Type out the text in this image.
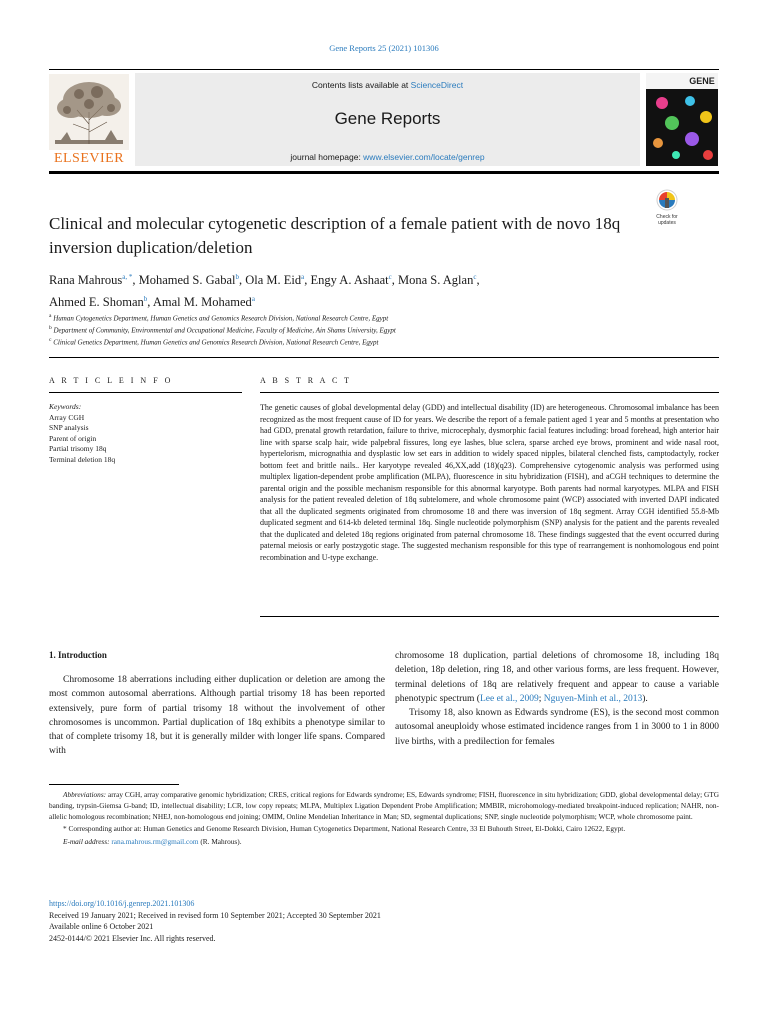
Gene Reports 25 (2021) 101306
ELSEVIER
Contents lists available at ScienceDirect
Gene Reports
journal homepage: www.elsevier.com/locate/genrep
GENE
Clinical and molecular cytogenetic description of a female patient with de novo 18q inversion duplication/deletion
Check for
updates
Rana Mahrous$^{a, *}$, Mohamed S. Gabal$^b$, Ola M. Eid$^a$, Engy A. Ashaat$^c$, Mona S. Aglan$^c$,
Ahmed E. Shoman$^b$, Amal M. Mohamed$^a$
$^a$ Human Cytogenetics Department, Human Genetics and Genomics Research Division, National Research Centre, Egypt
$^b$ Department of Community, Environmental and Occupational Medicine, Faculty of Medicine, Ain Shams University, Egypt
$^c$ Clinical Genetics Department, Human Genetics and Genomics Research Division, National Research Centre, Egypt
A R T I C L E I N F O
Keywords:
Array CGH
SNP analysis
Parent of origin
Partial trisomy 18q
Terminal deletion 18q
A B S T R A C T
The genetic causes of global developmental delay (GDD) and intellectual disability (ID) are heterogeneous. Chromosomal imbalance has been recognized as the most frequent cause of ID for years. We describe the report of a female patient aged 1 year and 5 months at presentation who had GDD, prenatal growth retardation, failure to thrive, microcephaly, dysmorphic facial features including: broad forehead, high anterior hair line with sparse scalp hair, wide palpebral fissures, long eye lashes, blue sclera, sparse arched eye brows, prominent and wide nasal root, hypertelorism, micrognathia and dysplastic low set ears in addition to widely spaced nipples, bilateral clenched fists, camptodactyly, rocker bottom feet and brittle nails.. Her karyotype revealed 46,XX,add (18)(q23). Comprehensive cytogenomic analysis was performed using multiplex ligation-dependent probe amplification (MLPA), fluorescence in situ hybridization (FISH), and aCGH techniques to determine the parental origin and the possible mechanism responsible for this abnormal karyotype. Both parents had normal karyotypes. MLPA and FISH analysis for the patient revealed deletion of 18q subtelomere, and whole chromosome paint (WCP) associated with inverted DAPI indicated that all the duplicated segments originated from chromosome 18 and there was inversion of 18q segment. Array CGH identified 55.8-Mb duplicated segment and 614-kb deleted terminal 18q. Single nucleotide polymorphism (SNP) analysis for the patient and the parents revealed that the duplicated and deleted 18q regions originated from paternal chromosome 18. These findings suggested that the event occurred during paternal meiosis or early postzygotic stage. The suggested mechanism responsible for this type of rearrangement is nonhomologous end point recombination and U-type exchange.
1. Introduction

Chromosome 18 aberrations including either duplication or deletion are among the most common autosomal aberrations. Although partial trisomy 18 has been reported extensively, pure form of partial trisomy 18 without the involvement of other chromosomes is uncommon. Partial duplication of 18q exhibits a phenotype similar to that of complete trisomy 18, but it is generally milder with longer life spans. Compared with

chromosome 18 duplication, partial deletions of chromosome 18, including 18q deletion, 18p deletion, ring 18, and other various forms, are less frequent. However, terminal deletions of 18q are relatively frequent and appear to cause a variable phenotypic spectrum (Lee et al., 2009; Nguyen-Minh et al., 2013).

Trisomy 18, also known as Edwards syndrome (ES), is the second most common autosomal aneuploidy whose estimated incidence ranges from 1 in 3000 to 1 in 8000 live births, with a predilection for females

Abbreviations: array CGH, array comparative genomic hybridization; CRES, critical regions for Edwards syndrome; ES, Edwards syndrome; FISH, fluorescence in situ hybridization; GDD, global developmental delay; GTG banding, trypsin-Giemsa G-band; ID, intellectual disability; LCR, low copy repeats; MLPA, Multiplex Ligation Dependent Probe Amplification; MMBIR, microhomology-mediated breakpoint-induced replication; NAHR, non-allelic homologous recombination; NHEJ, non-homologous end joining; OMIM, Online Mendelian Inheritance in Man; SD, segmental duplications; SNP, single nucleotide polymorphism; WCP, whole chromosome paint.

* Corresponding author at: Human Genetics and Genome Research Division, Human Cytogenetics Department, National Research Centre, 33 El Buhouth Street, El-Dokki, Cairo 12622, Egypt.

E-mail address: rana.mahrous.rm@gmail.com (R. Mahrous).

https://doi.org/10.1016/j.genrep.2021.101306
Received 19 January 2021; Received in revised form 10 September 2021; Accepted 30 September 2021
Available online 6 October 2021
2452-0144/© 2021 Elsevier Inc. All rights reserved.
